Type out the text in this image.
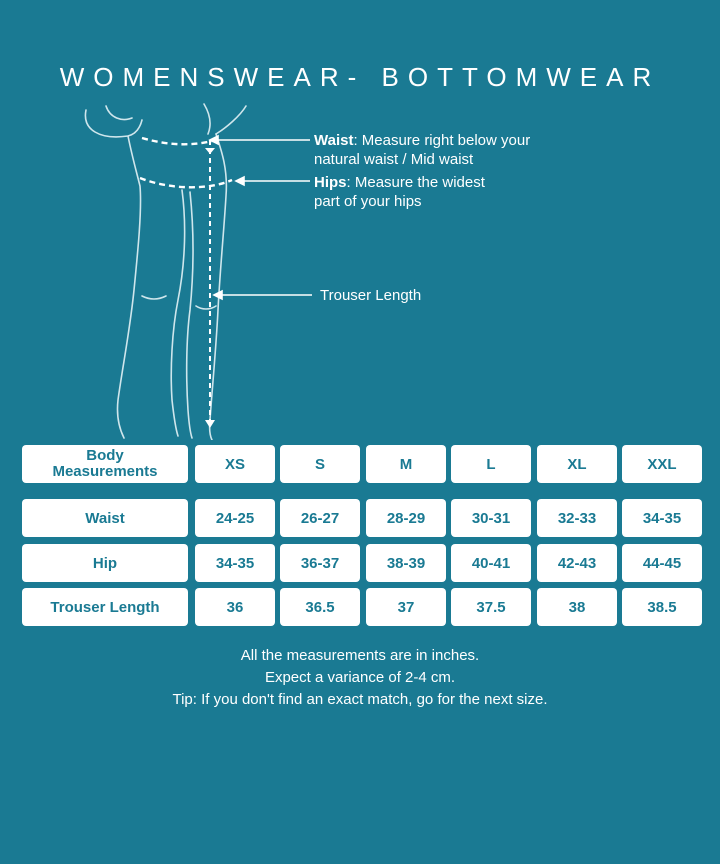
WOMENSWEAR- BOTTOMWEAR
Waist: Measure right below your
natural waist / Mid waist
Hips: Measure the widest
part of your hips
Trouser Length
Body
Measurements	XS	S	M	L	XL	XXL
Waist	24-25	26-27	28-29	30-31	32-33	34-35
Hip	34-35	36-37	38-39	40-41	42-43	44-45
Trouser Length	36	36.5	37	37.5	38	38.5
All the measurements are in inches.
Expect a variance of 2-4 cm.
Tip: If you don't find an exact match, go for the next size.
